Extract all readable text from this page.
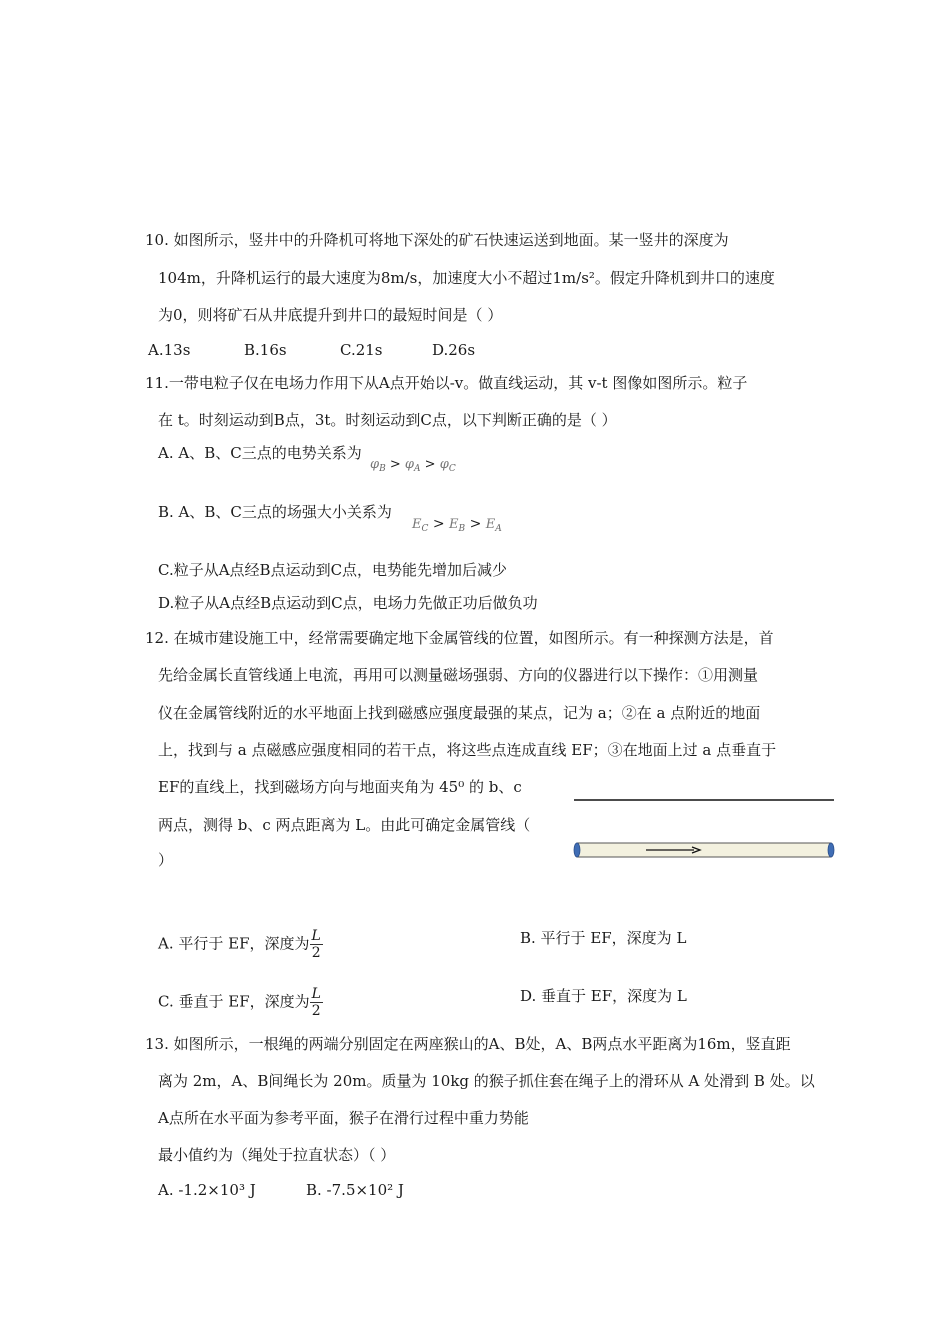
10. 如图所示，竖井中的升降机可将地下深处的矿石快速运送到地面。某一竖井的深度为
104m，升降机运行的最大速度为8m/s，加速度大小不超过1m/s²。假定升降机到井口的速度
为0，则将矿石从井底提升到井口的最短时间是（ ）
A.13s	B.16s	C.21s	D.26s
11.一带电粒子仅在电场力作用下从A点开始以-v。做直线运动，其 v-t 图像如图所示。粒子
在 t。时刻运动到B点，3t。时刻运动到C点，以下判断正确的是（ ）
A. A、B、C三点的电势关系为
$\varphi_B > \varphi_A > \varphi_C$
B. A、B、C三点的场强大小关系为
$E_C > E_B > E_A$
C.粒子从A点经B点运动到C点，电势能先增加后减少
D.粒子从A点经B点运动到C点，电场力先做正功后做负功
12. 在城市建设施工中，经常需要确定地下金属管线的位置，如图所示。有一种探测方法是，首
先给金属长直管线通上电流，再用可以测量磁场强弱、方向的仪器进行以下操作：①用测量
仪在金属管线附近的水平地面上找到磁感应强度最强的某点，记为 a；②在 a 点附近的地面
上，找到与 a 点磁感应强度相同的若干点，将这些点连成直线 EF；③在地面上过 a 点垂直于
EF的直线上，找到磁场方向与地面夹角为 45⁰ 的 b、c
两点，测得 b、c 两点距离为 L。由此可确定金属管线（
）
A. 平行于 EF，深度为 $\frac{L}{2}$	B. 平行于 EF，深度为 L
C. 垂直于 EF，深度为 $\frac{L}{2}$	D. 垂直于 EF，深度为 L
13. 如图所示，一根绳的两端分别固定在两座猴山的A、B处，A、B两点水平距离为16m，竖直距
离为 2m，A、B间绳长为 20m。质量为 10kg 的猴子抓住套在绳子上的滑环从 A 处滑到 B 处。以
A点所在水平面为参考平面，猴子在滑行过程中重力势能
最小值约为（绳处于拉直状态）（ ）
A. -1.2×10³ J	B. -7.5×10² J
